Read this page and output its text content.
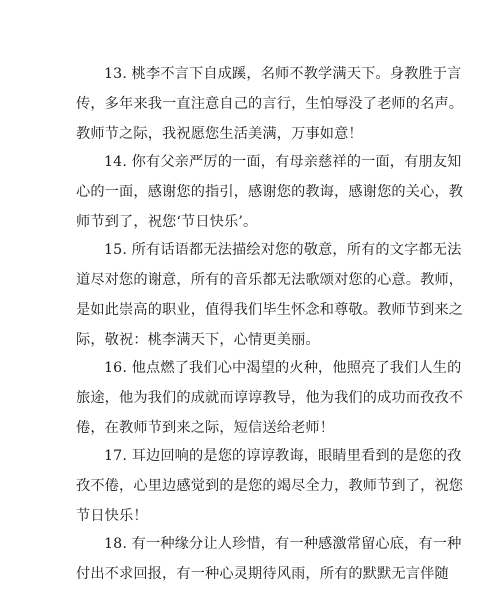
13. 桃李不言下自成蹊，名师不教学满天下。身教胜于言
传，多年来我一直注意自己的言行，生怕辱没了老师的名声。
教师节之际，我祝愿您生活美满，万事如意！
14. 你有父亲严厉的一面，有母亲慈祥的一面，有朋友知
心的一面，感谢您的指引，感谢您的教诲，感谢您的关心，教
师节到了，祝您‘节日快乐’。
15. 所有话语都无法描绘对您的敬意，所有的文字都无法
道尽对您的谢意，所有的音乐都无法歌颂对您的心意。教师，
是如此崇高的职业，值得我们毕生怀念和尊敬。教师节到来之
际，敬祝：桃李满天下，心情更美丽。
16. 他点燃了我们心中渴望的火种，他照亮了我们人生的
旅途，他为我们的成就而谆谆教导，他为我们的成功而孜孜不
倦，在教师节到来之际，短信送给老师！
17. 耳边回响的是您的谆谆教诲，眼睛里看到的是您的孜
孜不倦，心里边感觉到的是您的竭尽全力，教师节到了，祝您
节日快乐！
18. 有一种缘分让人珍惜，有一种感激常留心底，有一种
付出不求回报，有一种心灵期待风雨，所有的默默无言伴随
